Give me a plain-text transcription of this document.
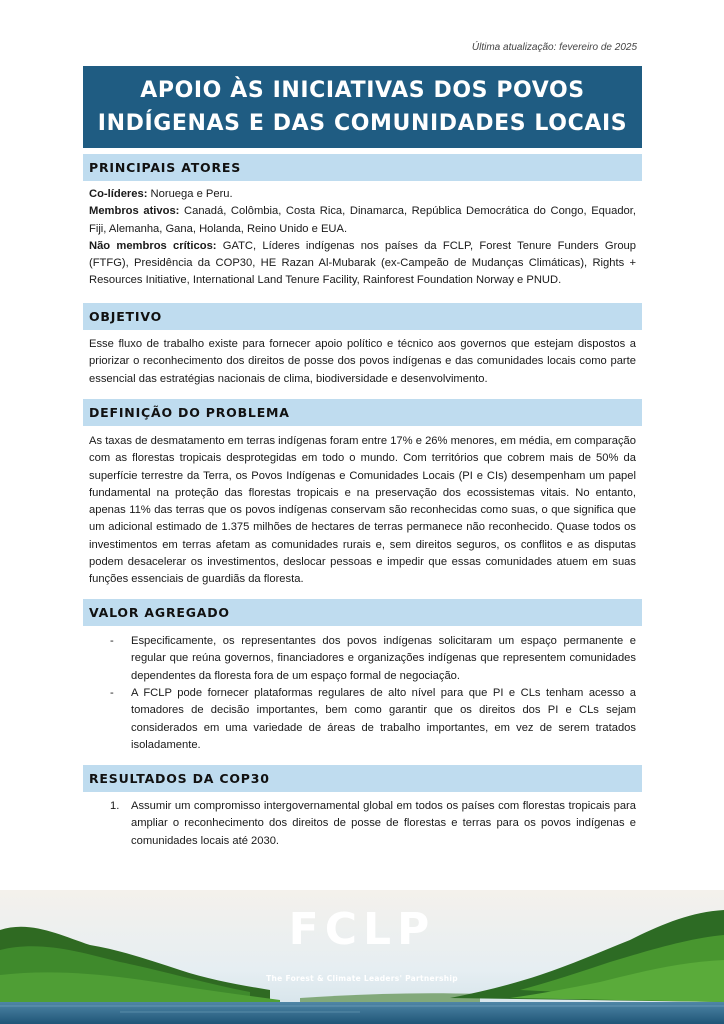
Última atualização: fevereiro de 2025
APOIO ÀS INICIATIVAS DOS POVOS
INDÍGENAS E DAS COMUNIDADES LOCAIS
PRINCIPAIS ATORES
Co-líderes: Noruega e Peru.
Membros ativos: Canadá, Colômbia, Costa Rica, Dinamarca, República Democrática do Congo, Equador, Fiji, Alemanha, Gana, Holanda, Reino Unido e EUA.
Não membros críticos: GATC, Líderes indígenas nos países da FCLP, Forest Tenure Funders Group (FTFG), Presidência da COP30, HE Razan Al-Mubarak (ex-Campeão de Mudanças Climáticas), Rights + Resources Initiative, International Land Tenure Facility, Rainforest Foundation Norway e PNUD.
OBJETIVO

Esse fluxo de trabalho existe para fornecer apoio político e técnico aos governos que estejam dispostos a priorizar o reconhecimento dos direitos de posse dos povos indígenas e das comunidades locais como parte essencial das estratégias nacionais de clima, biodiversidade e desenvolvimento.

DEFINIÇÃO DO PROBLEMA

As taxas de desmatamento em terras indígenas foram entre 17% e 26% menores, em média, em comparação com as florestas tropicais desprotegidas em todo o mundo. Com territórios que cobrem mais de 50% da superfície terrestre da Terra, os Povos Indígenas e Comunidades Locais (PI e CIs) desempenham um papel fundamental na proteção das florestas tropicais e na preservação dos ecossistemas vitais. No entanto, apenas 11% das terras que os povos indígenas conservam são reconhecidas como suas, o que significa que um adicional estimado de 1.375 milhões de hectares de terras permanece não reconhecido. Quase todos os investimentos em terras afetam as comunidades rurais e, sem direitos seguros, os conflitos e as disputas podem desacelerar os investimentos, deslocar pessoas e impedir que essas comunidades atuem em suas funções essenciais de guardiãs da floresta.

VALOR AGREGADO
- Especificamente, os representantes dos povos indígenas solicitaram um espaço permanente e regular que reúna governos, financiadores e organizações indígenas que representem comunidades dependentes da floresta fora de um espaço formal de negociação.
- A FCLP pode fornecer plataformas regulares de alto nível para que PI e CLs tenham acesso a tomadores de decisão importantes, bem como garantir que os direitos dos PI e CLs sejam considerados em uma variedade de áreas de trabalho importantes, em vez de serem tratados isoladamente.
RESULTADOS DA COP30
1. Assumir um compromisso intergovernamental global em todos os países com florestas tropicais para ampliar o reconhecimento dos direitos de posse de florestas e terras para os povos indígenas e comunidades locais até 2030.
FCLP
The Forest & Climate Leaders' Partnership
